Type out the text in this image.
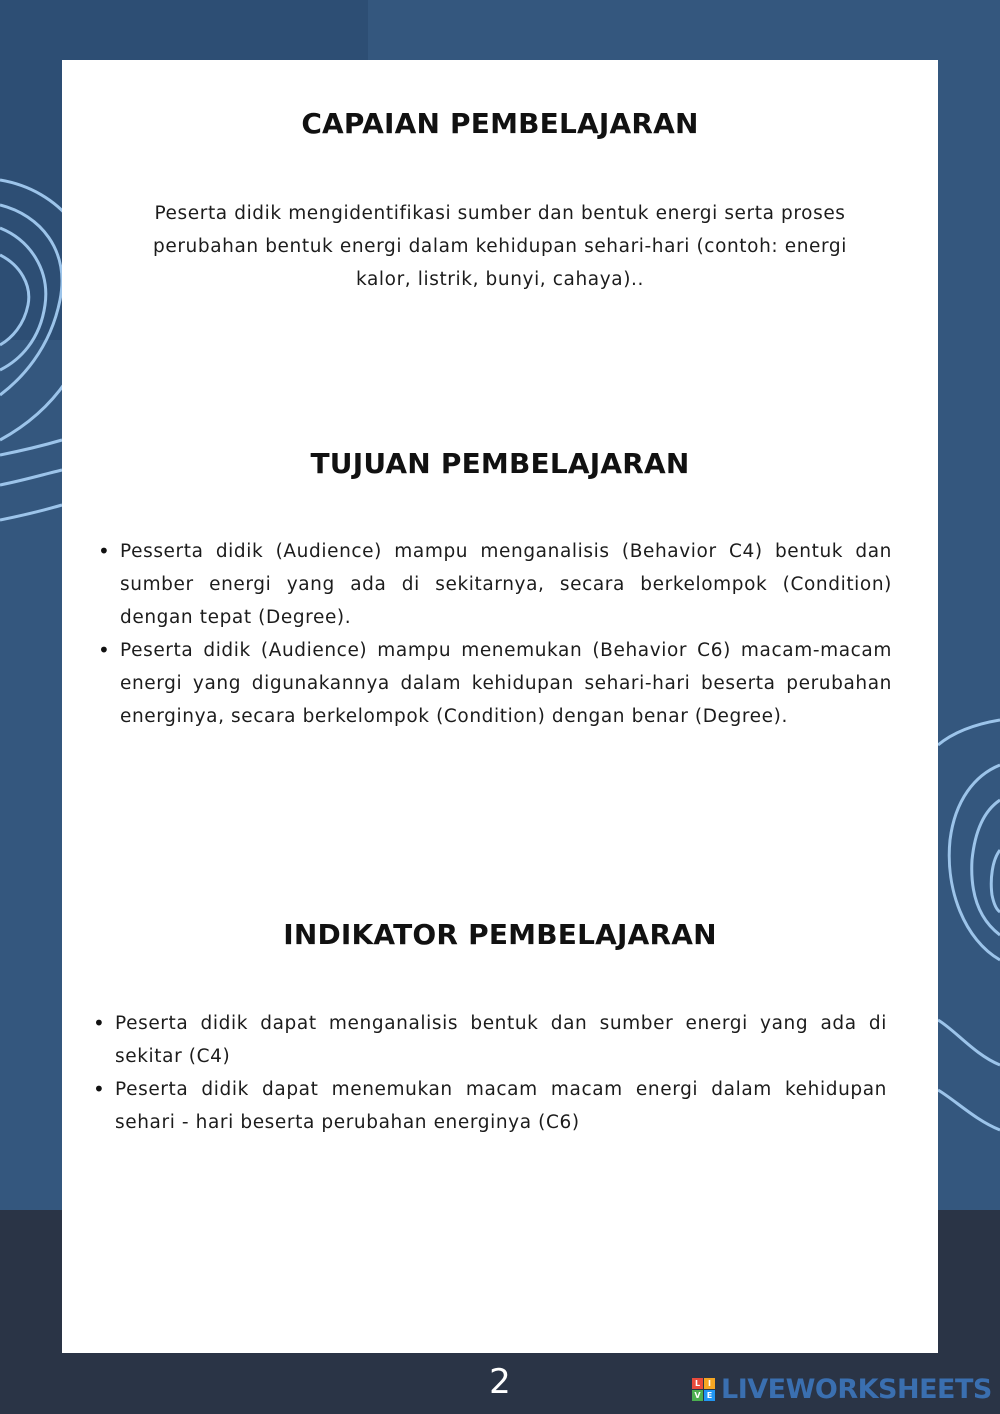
CAPAIAN PEMBELAJARAN

Peserta didik mengidentifikasi sumber dan bentuk energi serta proses perubahan bentuk energi dalam kehidupan sehari-hari (contoh: energi kalor, listrik, bunyi, cahaya)..

TUJUAN PEMBELAJARAN
• Pesserta didik (Audience) mampu menganalisis (Behavior C4) bentuk dan sumber energi yang ada di sekitarnya, secara berkelompok (Condition) dengan tepat (Degree).
• Peserta didik (Audience) mampu menemukan (Behavior C6) macam-macam energi yang digunakannya dalam kehidupan sehari-hari beserta perubahan energinya, secara berkelompok (Condition) dengan benar (Degree).
INDIKATOR PEMBELAJARAN
• Peserta didik dapat menganalisis bentuk dan sumber energi yang ada di sekitar (C4)
• Peserta didik dapat menemukan macam macam energi dalam kehidupan sehari - hari beserta perubahan energinya (C6)
2	L I
V E LIVEWORKSHEETS
